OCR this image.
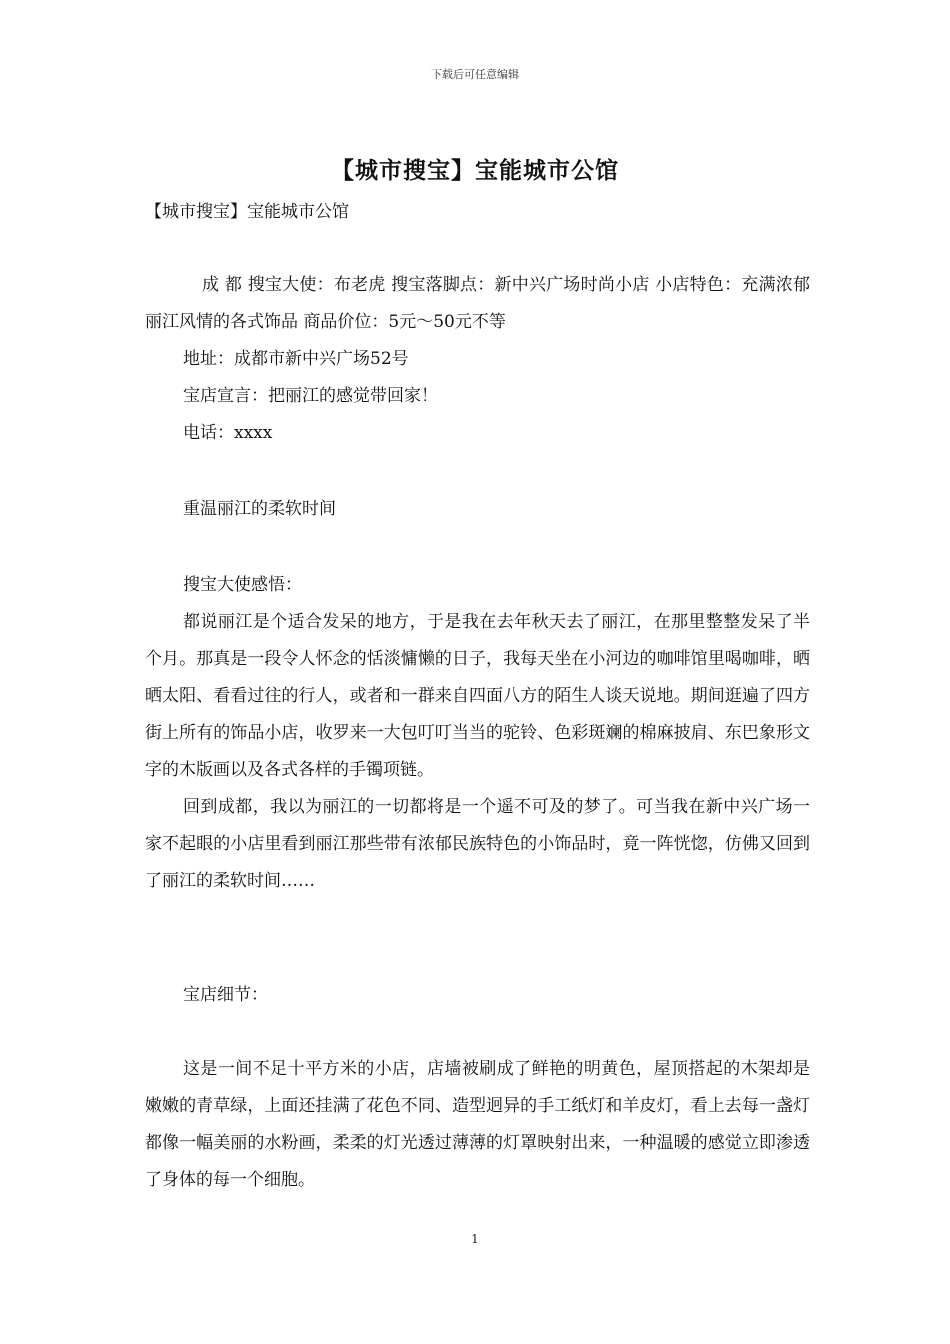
下载后可任意编辑
【城市搜宝】宝能城市公馆
【城市搜宝】宝能城市公馆

成 都 搜宝大使：布老虎 搜宝落脚点：新中兴广场时尚小店 小店特色：充满浓郁丽江风情的各式饰品 商品价位：5元～50元不等

地址：成都市新中兴广场52号

宝店宣言：把丽江的感觉带回家！

电话：xxxx

重温丽江的柔软时间

搜宝大使感悟：

都说丽江是个适合发呆的地方，于是我在去年秋天去了丽江，在那里整整发呆了半个月。那真是一段令人怀念的恬淡慵懒的日子，我每天坐在小河边的咖啡馆里喝咖啡，晒晒太阳、看看过往的行人，或者和一群来自四面八方的陌生人谈天说地。期间逛遍了四方街上所有的饰品小店，收罗来一大包叮叮当当的驼铃、色彩斑斓的棉麻披肩、东巴象形文字的木版画以及各式各样的手镯项链。

回到成都，我以为丽江的一切都将是一个遥不可及的梦了。可当我在新中兴广场一家不起眼的小店里看到丽江那些带有浓郁民族特色的小饰品时，竟一阵恍惚，仿佛又回到了丽江的柔软时间……

宝店细节：

这是一间不足十平方米的小店，店墙被刷成了鲜艳的明黄色，屋顶搭起的木架却是嫩嫩的青草绿，上面还挂满了花色不同、造型迥异的手工纸灯和羊皮灯，看上去每一盏灯都像一幅美丽的水粉画，柔柔的灯光透过薄薄的灯罩映射出来，一种温暖的感觉立即渗透了身体的每一个细胞。

1
